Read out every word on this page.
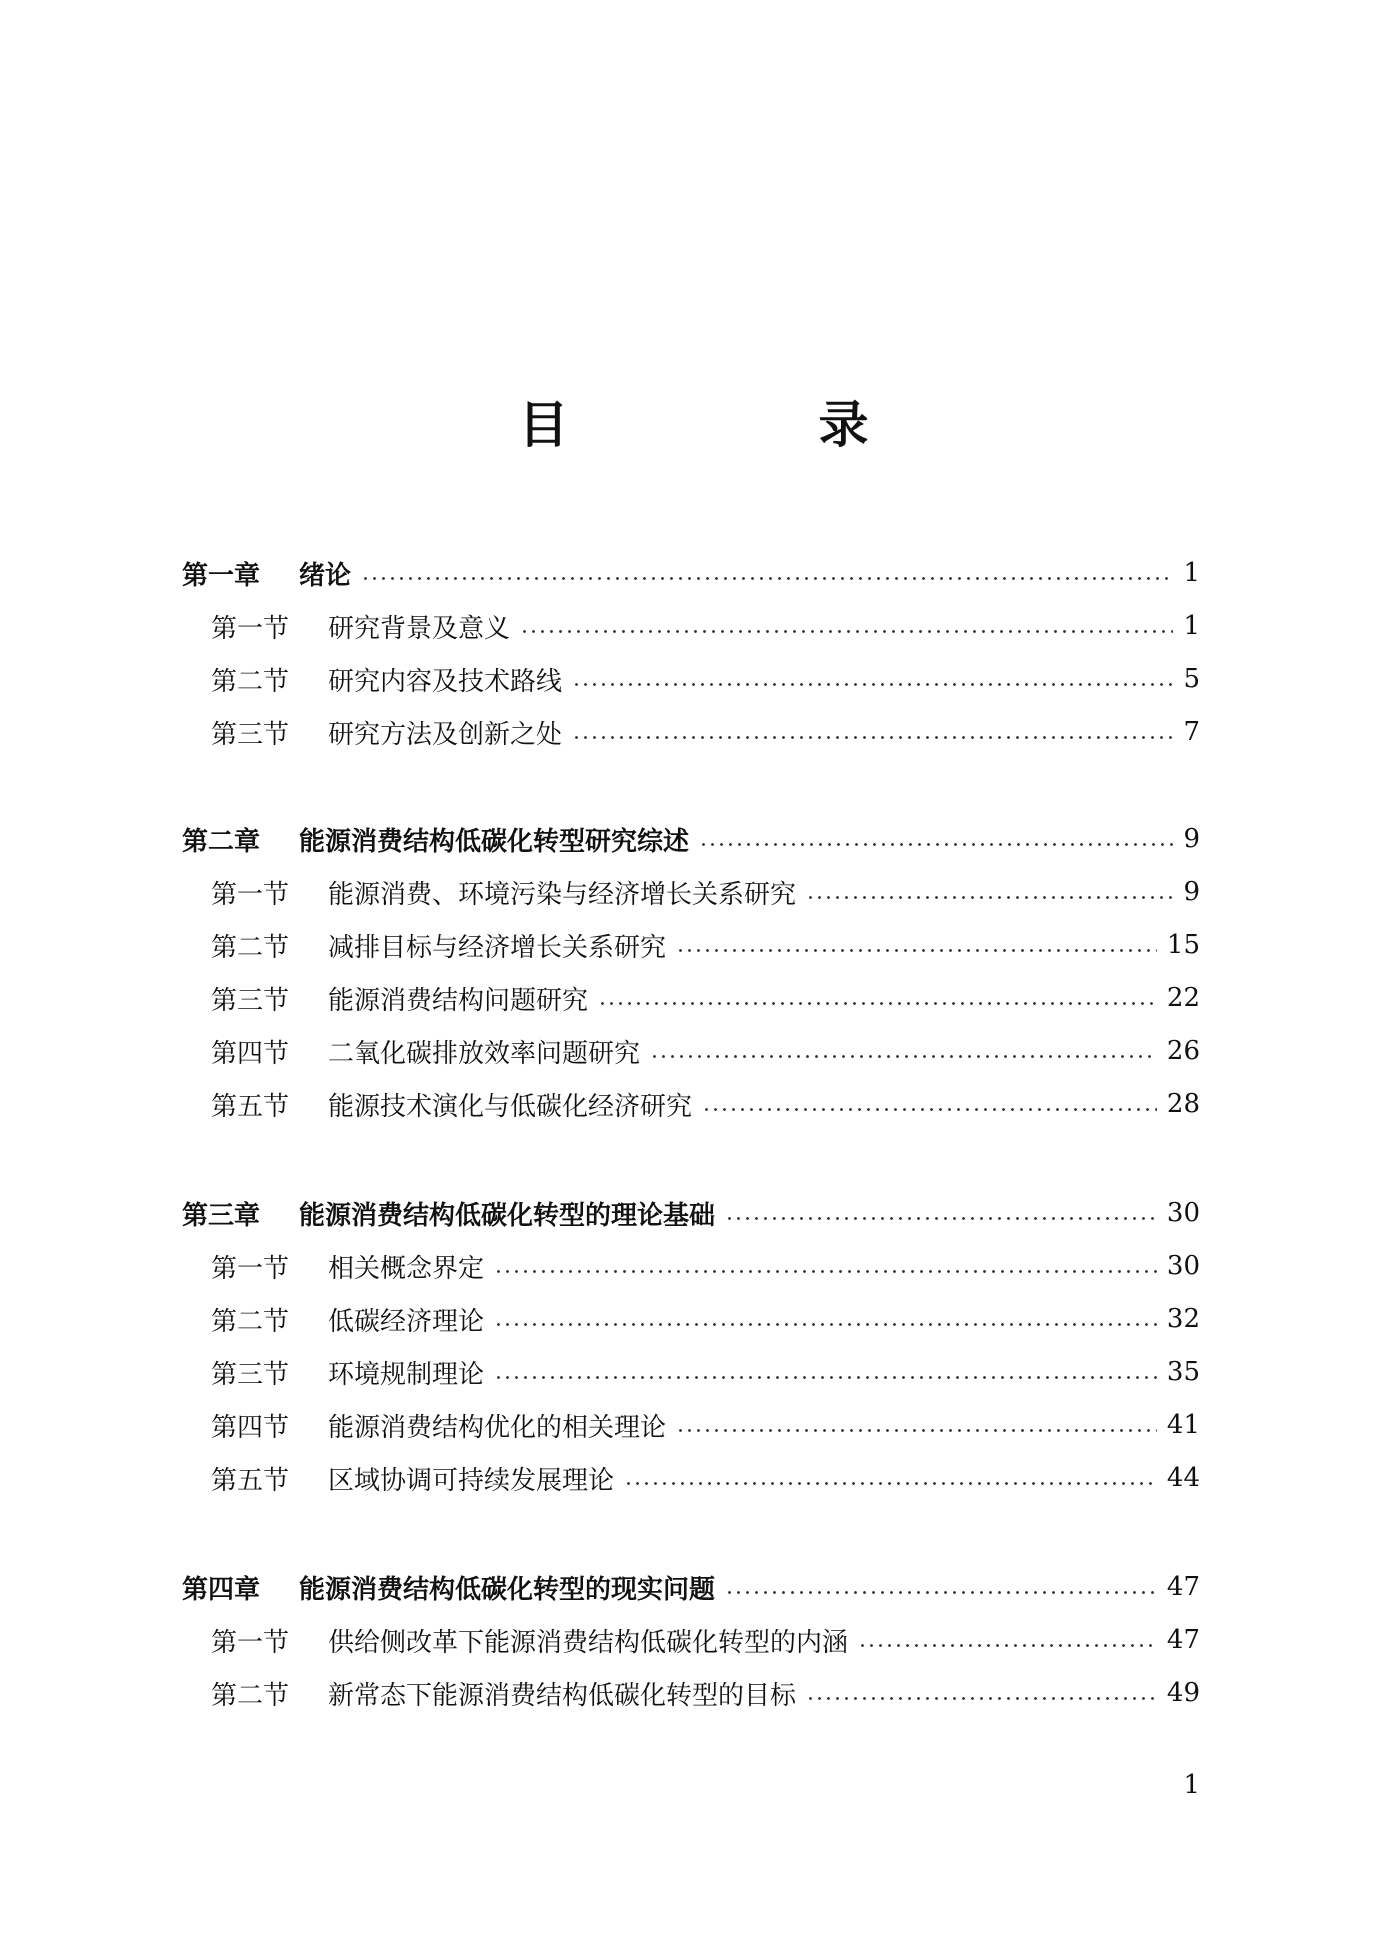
目　录
第一章	绪论	1
第一节	研究背景及意义	1
第二节	研究内容及技术路线	5
第三节	研究方法及创新之处	7
第二章	能源消费结构低碳化转型研究综述	9
第一节	能源消费、环境污染与经济增长关系研究	9
第二节	减排目标与经济增长关系研究	15
第三节	能源消费结构问题研究	22
第四节	二氧化碳排放效率问题研究	26
第五节	能源技术演化与低碳化经济研究	28
第三章	能源消费结构低碳化转型的理论基础	30
第一节	相关概念界定	30
第二节	低碳经济理论	32
第三节	环境规制理论	35
第四节	能源消费结构优化的相关理论	41
第五节	区域协调可持续发展理论	44
第四章	能源消费结构低碳化转型的现实问题	47
第一节	供给侧改革下能源消费结构低碳化转型的内涵	47
第二节	新常态下能源消费结构低碳化转型的目标	49
1
